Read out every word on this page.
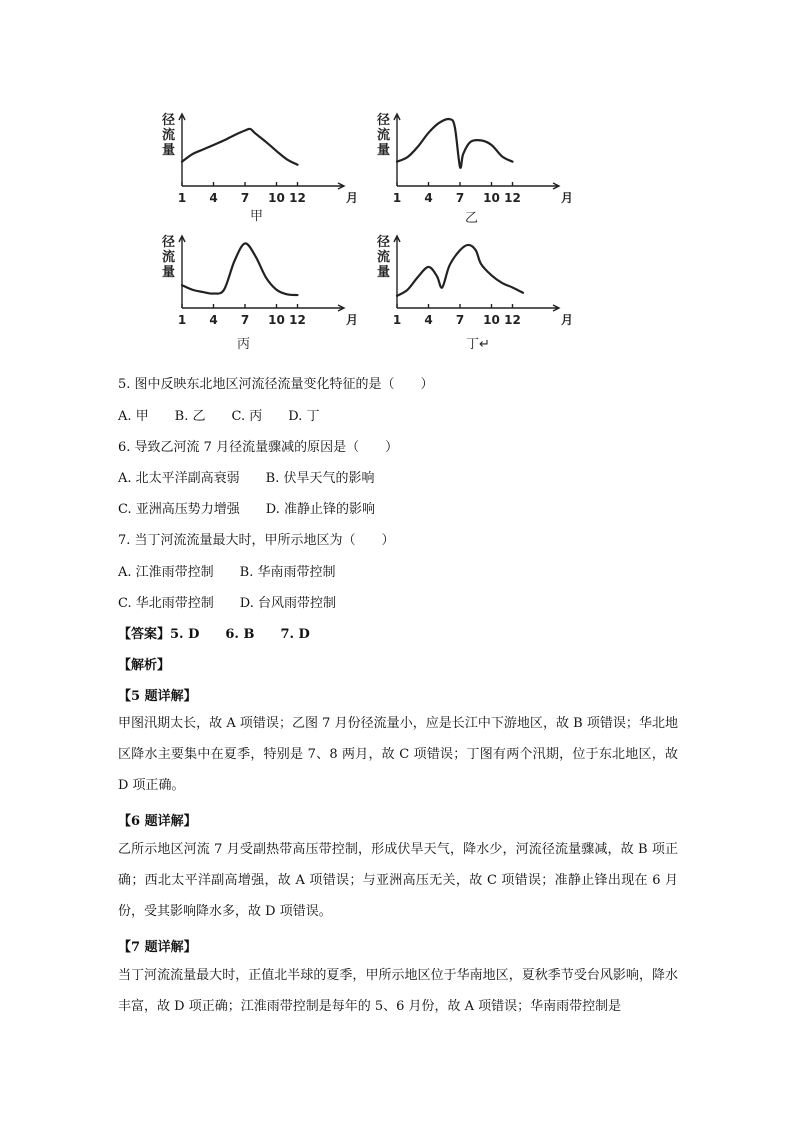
径
流
量
1 4 7 10 12	月
甲
径
流
量
1 4 7 10 12	月
乙
径
流
量
1 4 7 10 12	月
丙
径
流
量
1 4 7 10 12	月
丁↵
5. 图中反映东北地区河流径流量变化特征的是（　　）
A. 甲　　B. 乙　　C. 丙　　D. 丁
6. 导致乙河流 7 月径流量骤减的原因是（　　）
A. 北太平洋副高衰弱　　B. 伏旱天气的影响
C. 亚洲高压势力增强　　D. 准静止锋的影响
7. 当丁河流流量最大时，甲所示地区为（　　）
A. 江淮雨带控制　　B. 华南雨带控制
C. 华北雨带控制　　D. 台风雨带控制
【答案】5. D　　6. B　　7. D
【解析】
【5 题详解】
甲图汛期太长，故 A 项错误；乙图 7 月份径流量小，应是长江中下游地区，故 B 项错误；华北地区降水主要集中在夏季，特别是 7、8 两月，故 C 项错误；丁图有两个汛期，位于东北地区，故 D 项正确。
【6 题详解】
乙所示地区河流 7 月受副热带高压带控制，形成伏旱天气，降水少，河流径流量骤减，故 B 项正确；西北太平洋副高增强，故 A 项错误；与亚洲高压无关，故 C 项错误；准静止锋出现在 6 月份，受其影响降水多，故 D 项错误。
【7 题详解】
当丁河流流量最大时，正值北半球的夏季，甲所示地区位于华南地区，夏秋季节受台风影响，降水丰富，故 D 项正确；江淮雨带控制是每年的 5、6 月份，故 A 项错误；华南雨带控制是
